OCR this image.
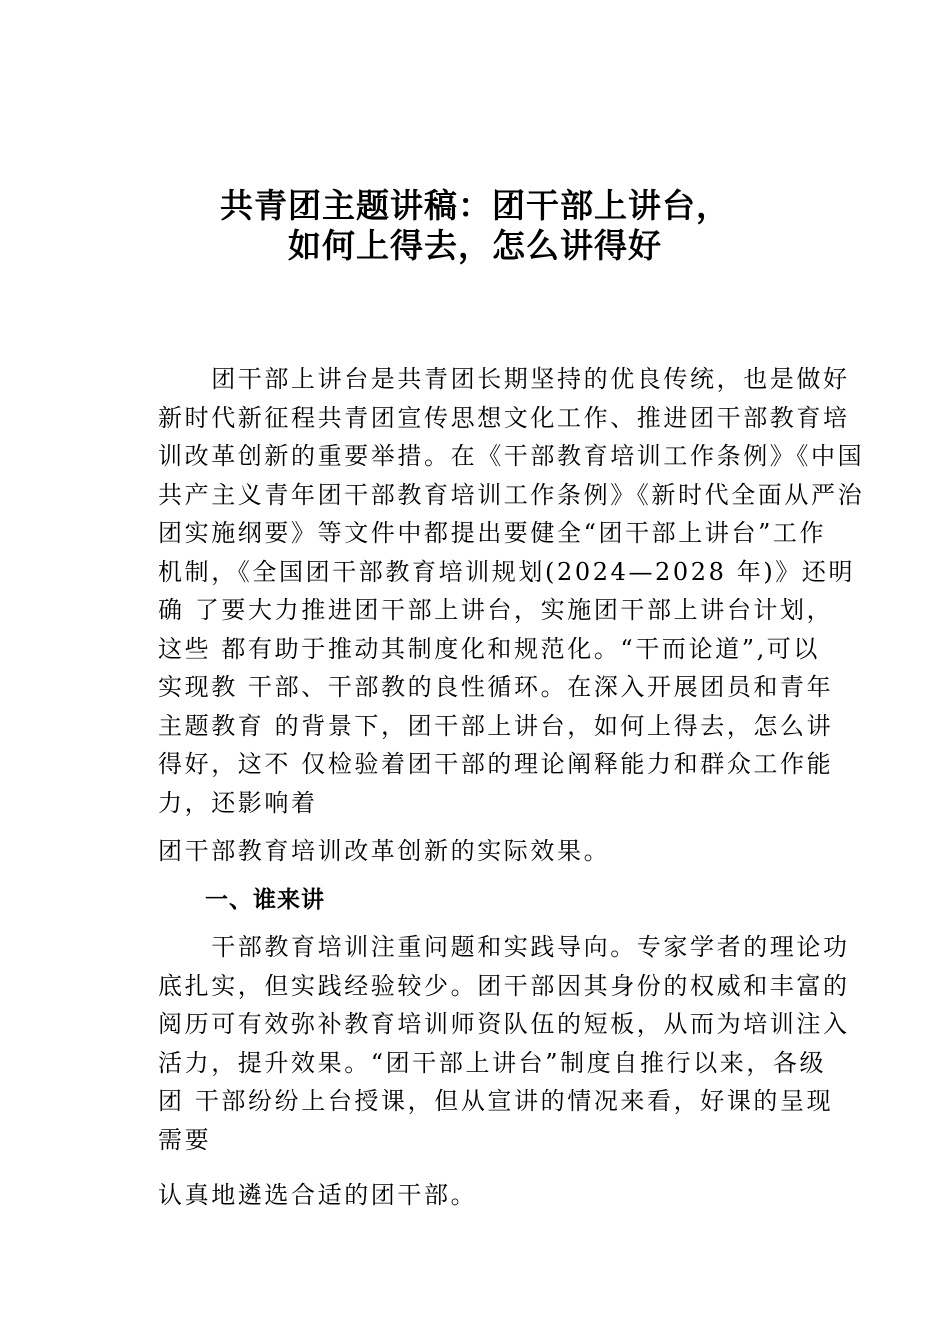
共青团主题讲稿：团干部上讲台，
如何上得去，怎么讲得好
　　团干部上讲台是共青团长期坚持的优良传统，也是做好
新时代新征程共青团宣传思想文化工作、推进团干部教育培
训改革创新的重要举措。在《干部教育培训工作条例》《中国
共产主义青年团干部教育培训工作条例》《新时代全面从严治
团实施纲要》等文件中都提出要健全“团干部上讲台”工作
机制，《全国团干部教育培训规划(2024—2028 年)》还明
确 了要大力推进团干部上讲台，实施团干部上讲台计划，
这些 都有助于推动其制度化和规范化。“干而论道”,可以
实现教 干部、干部教的良性循环。在深入开展团员和青年
主题教育 的背景下，团干部上讲台，如何上得去，怎么讲
得好，这不 仅检验着团干部的理论阐释能力和群众工作能
力，还影响着
团干部教育培训改革创新的实际效果。
一、谁来讲
　　干部教育培训注重问题和实践导向。专家学者的理论功
底扎实，但实践经验较少。团干部因其身份的权威和丰富的
阅历可有效弥补教育培训师资队伍的短板，从而为培训注入
活力，提升效果。“团干部上讲台”制度自推行以来，各级
团 干部纷纷上台授课，但从宣讲的情况来看，好课的呈现
需要
认真地遴选合适的团干部。
